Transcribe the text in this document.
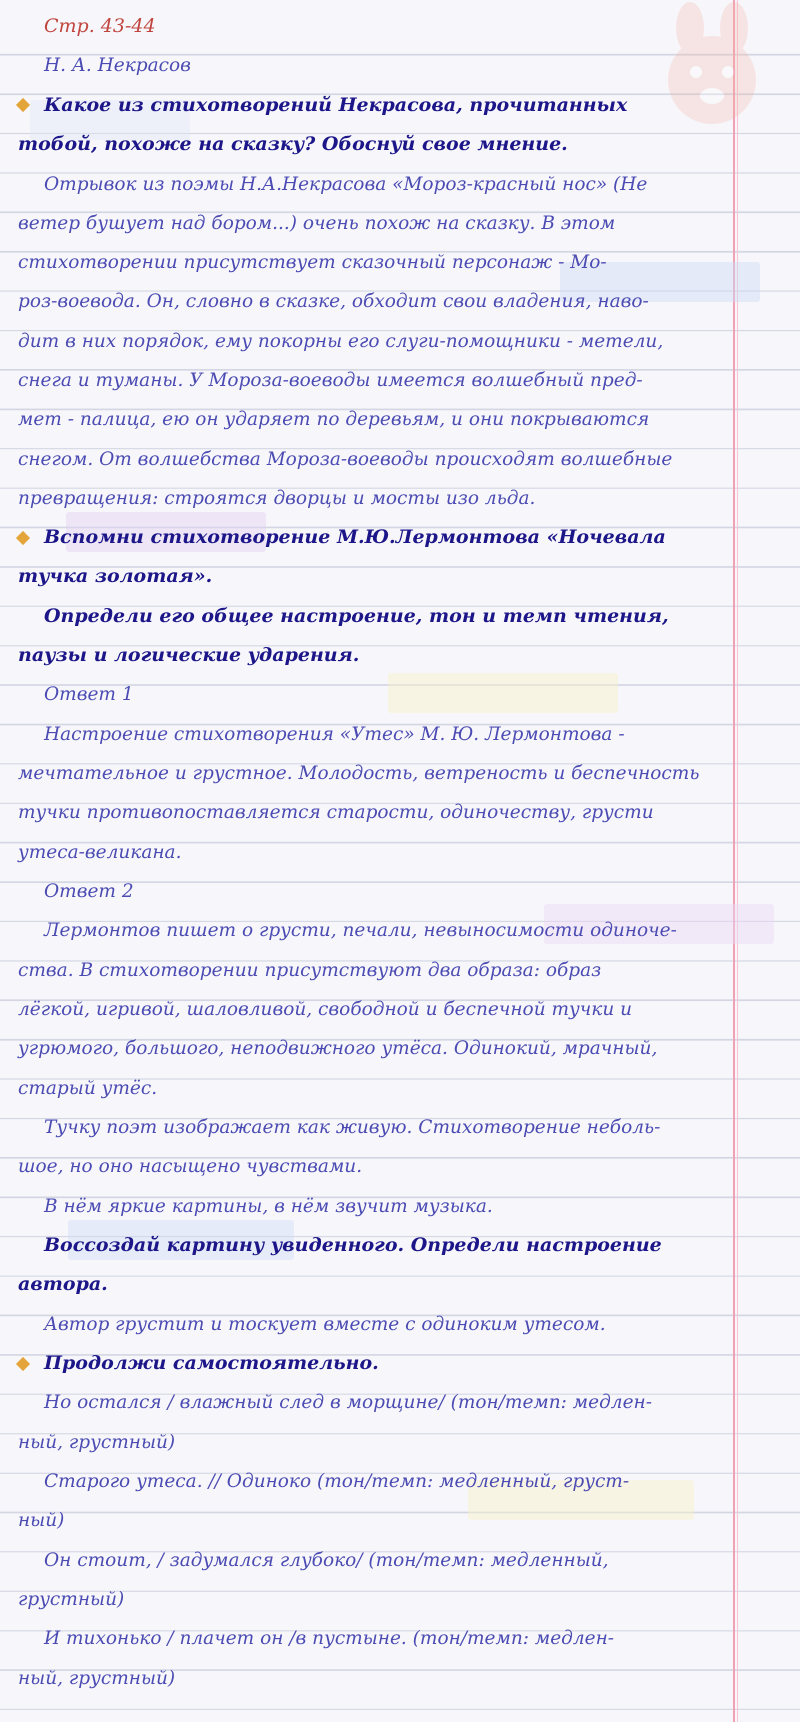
Стр. 43-44
Н. А. Некрасов
Какое из стихотворений Некрасова, прочитанных
тобой, похоже на сказку? Обоснуй свое мнение.
Отрывок из поэмы Н.А.Некрасова «Мороз-красный нос» (Не
ветер бушует над бором...) очень похож на сказку. В этом
стихотворении присутствует сказочный персонаж - Мо-
роз-воевода. Он, словно в сказке, обходит свои владения, наво-
дит в них порядок, ему покорны его слуги-помощники - метели,
снега и туманы. У Мороза-воеводы имеется волшебный пред-
мет - палица, ею он ударяет по деревьям, и они покрываются
снегом. От волшебства Мороза-воеводы происходят волшебные
превращения: строятся дворцы и мосты изо льда.
Вспомни стихотворение М.Ю.Лермонтова «Ночевала
тучка золотая».
Определи его общее настроение, тон и темп чтения,
паузы и логические ударения.
Ответ 1
Настроение стихотворения «Утес» М. Ю. Лермонтова -
мечтательное и грустное. Молодость, ветреность и беспечность
тучки противопоставляется старости, одиночеству, грусти
утеса-великана.
Ответ 2
Лермонтов пишет о грусти, печали, невыносимости одиноче-
ства. В стихотворении присутствуют два образа: образ
лёгкой, игривой, шаловливой, свободной и беспечной тучки и
угрюмого, большого, неподвижного утёса. Одинокий, мрачный,
старый утёс.
Тучку поэт изображает как живую. Стихотворение неболь-
шое, но оно насыщено чувствами.
В нём яркие картины, в нём звучит музыка.
Воссоздай картину увиденного. Определи настроение
автора.
Автор грустит и тоскует вместе с одиноким утесом.
Продолжи самостоятельно.
Но остался / влажный след в морщине/ (тон/темп: медлен-
ный, грустный)
Старого утеса. // Одиноко (тон/темп: медленный, груст-
ный)
Он стоит, / задумался глубоко/ (тон/темп: медленный,
грустный)
И тихонько / плачет он /в пустыне. (тон/темп: медлен-
ный, грустный)
